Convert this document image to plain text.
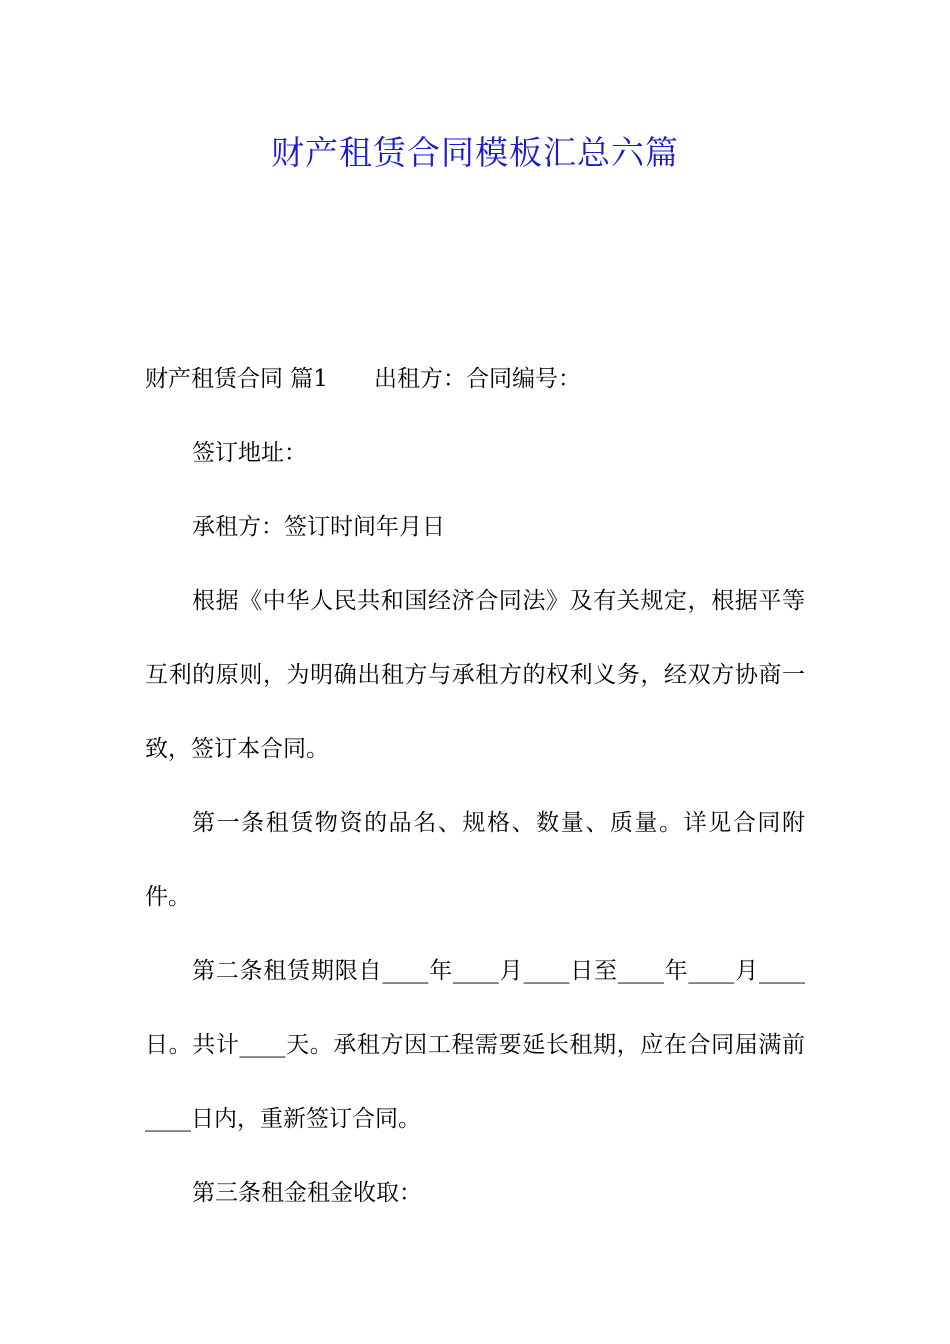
财产租赁合同模板汇总六篇

财产租赁合同 篇1 出租方：合同编号：

签订地址：

承租方：签订时间年月日

根据《中华人民共和国经济合同法》及有关规定，根据平等互利的原则，为明确出租方与承租方的权利义务，经双方协商一致，签订本合同。

第一条租赁物资的品名、规格、数量、质量。详见合同附件。

第二条租赁期限自____年____月____日至____年____月____日。共计____天。承租方因工程需要延长租期，应在合同届满前____日内，重新签订合同。

第三条租金租金收取：
